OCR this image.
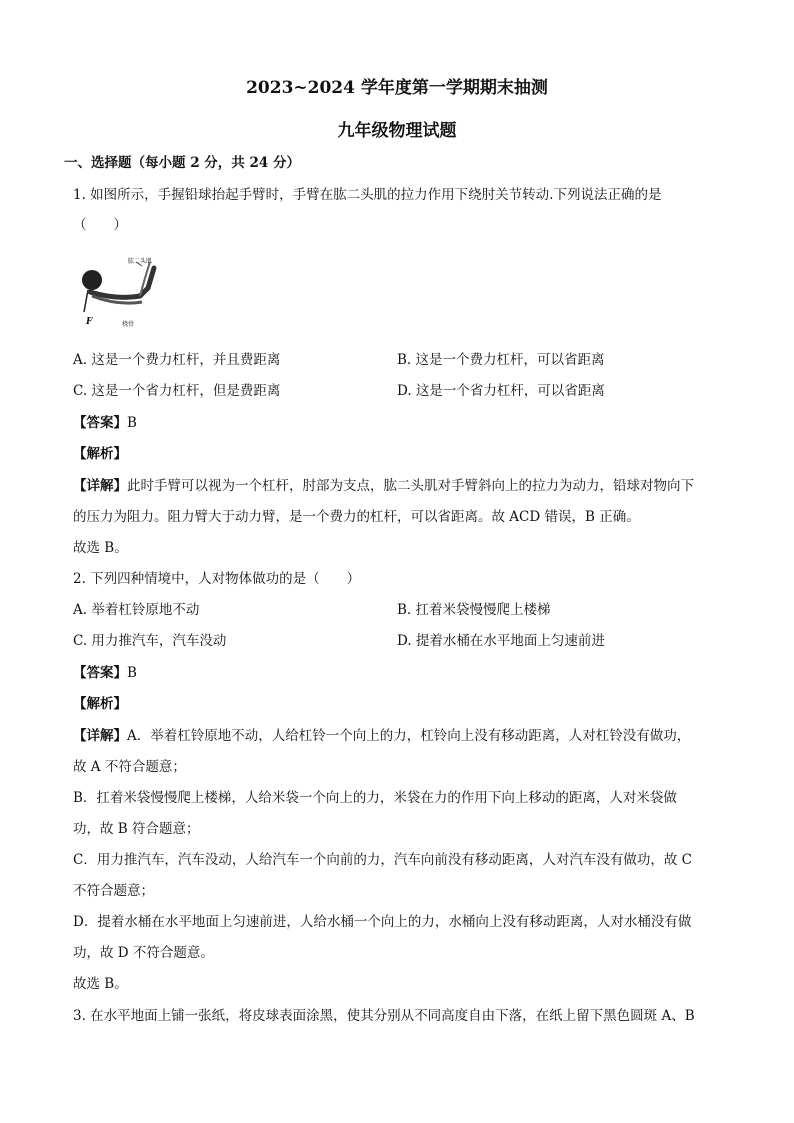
2023~2024 学年度第一学期期末抽测
九年级物理试题
一、选择题（每小题 2 分，共 24 分）
1. 如图所示，手握铅球抬起手臂时，手臂在肱二头肌的拉力作用下绕肘关节转动.下列说法正确的是
（　　）
肱二头肌
桡骨
F
A. 这是一个费力杠杆，并且费距离	B. 这是一个费力杠杆，可以省距离
C. 这是一个省力杠杆，但是费距离	D. 这是一个省力杠杆，可以省距离
【答案】B
【解析】
【详解】此时手臂可以视为一个杠杆，肘部为支点，肱二头肌对手臂斜向上的拉力为动力，铅球对物向下
的压力为阻力。阻力臂大于动力臂，是一个费力的杠杆，可以省距离。故 ACD 错误，B 正确。
故选 B。
2. 下列四种情境中，人对物体做功的是（　　）
A. 举着杠铃原地不动	B. 扛着米袋慢慢爬上楼梯
C. 用力推汽车，汽车没动	D. 提着水桶在水平地面上匀速前进
【答案】B
【解析】
【详解】A．举着杠铃原地不动，人给杠铃一个向上的力，杠铃向上没有移动距离，人对杠铃没有做功，
故 A 不符合题意；
B．扛着米袋慢慢爬上楼梯，人给米袋一个向上的力，米袋在力的作用下向上移动的距离，人对米袋做
功，故 B 符合题意；
C．用力推汽车，汽车没动，人给汽车一个向前的力，汽车向前没有移动距离，人对汽车没有做功，故 C
不符合题意；
D．提着水桶在水平地面上匀速前进，人给水桶一个向上的力，水桶向上没有移动距离，人对水桶没有做
功，故 D 不符合题意。
故选 B。
3. 在水平地面上铺一张纸，将皮球表面涂黑，使其分别从不同高度自由下落，在纸上留下黑色圆斑 A、B
